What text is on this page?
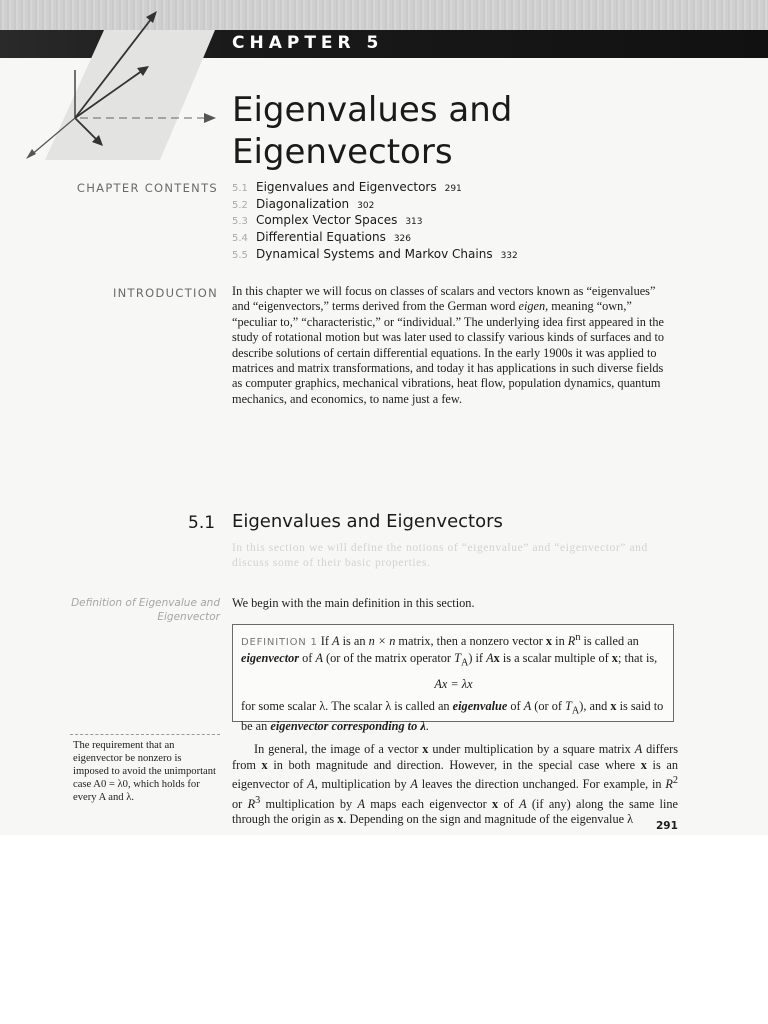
CHAPTER 5
Eigenvalues and Eigenvectors
CHAPTER CONTENTS 5.1 Eigenvalues and Eigenvectors 291
5.2 Diagonalization 302
5.3 Complex Vector Spaces 313
5.4 Differential Equations 326
5.5 Dynamical Systems and Markov Chains 332
INTRODUCTION In this chapter we will focus on classes of scalars and vectors known as “eigenvalues” and “eigenvectors,” terms derived from the German word eigen, meaning “own,” “peculiar to,” “characteristic,” or “individual.” The underlying idea first appeared in the study of rotational motion but was later used to classify various kinds of surfaces and to describe solutions of certain differential equations. In the early 1900s it was applied to matrices and matrix transformations, and today it has applications in such diverse fields as computer graphics, mechanical vibrations, heat flow, population dynamics, quantum mechanics, and economics, to name just a few.

5.1 Eigenvalues and Eigenvectors

In this section we will define the notions of “eigenvalue” and “eigenvector” and discuss some of their basic properties.

Definition of Eigenvalue and Eigenvector

We begin with the main definition in this section.

DEFINITION 1 If A is an n × n matrix, then a nonzero vector x in $R^n$ is called an eigenvector of A (or of the matrix operator $T_A$) if Ax is a scalar multiple of x; that is,
Ax = λx
for some scalar λ. The scalar λ is called an eigenvalue of A (or of $T_A$), and x is said to be an eigenvector corresponding to λ.

The requirement that an eigenvector be nonzero is imposed to avoid the unimportant case A0 = λ0, which holds for every A and λ.

In general, the image of a vector x under multiplication by a square matrix A differs from x in both magnitude and direction. However, in the special case where x is an eigenvector of A, multiplication by A leaves the direction unchanged. For example, in $R^2$ or $R^3$ multiplication by A maps each eigenvector x of A (if any) along the same line through the origin as x. Depending on the sign and magnitude of the eigenvalue λ	291
